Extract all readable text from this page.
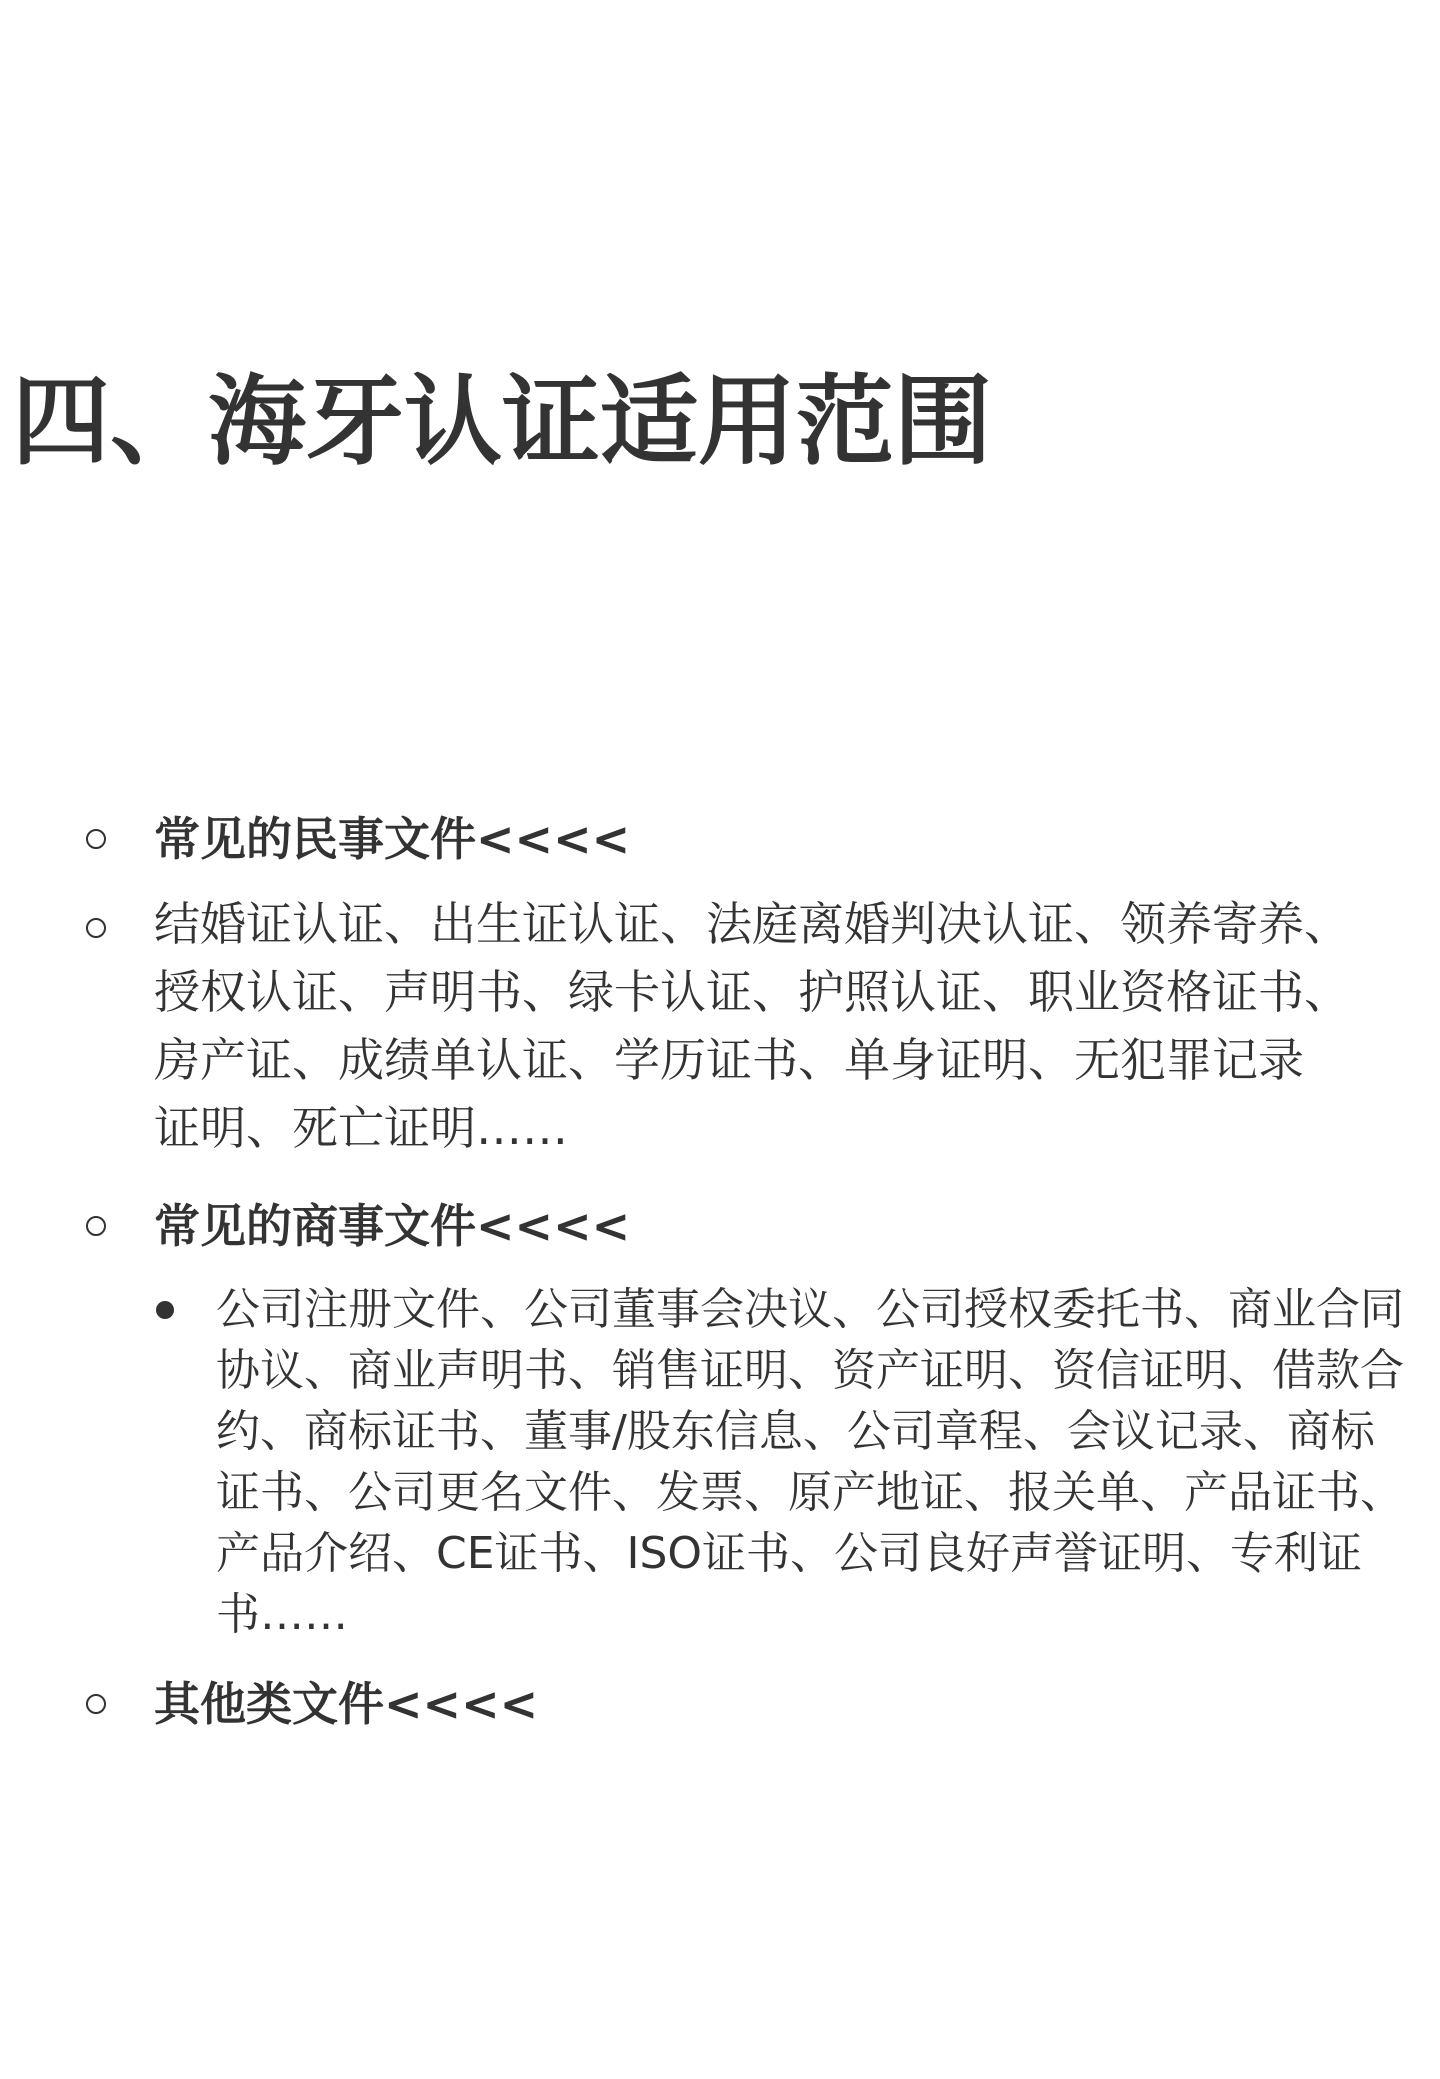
四、海牙认证适用范围
常见的民事文件<<<<
结婚证认证、出生证认证、法庭离婚判决认证、领养寄养、
授权认证、声明书、绿卡认证、护照认证、职业资格证书、
房产证、成绩单认证、学历证书、单身证明、无犯罪记录
证明、死亡证明……
常见的商事文件<<<<
公司注册文件、公司董事会决议、公司授权委托书、商业合同
协议、商业声明书、销售证明、资产证明、资信证明、借款合
约、商标证书、董事/股东信息、公司章程、会议记录、商标
证书、公司更名文件、发票、原产地证、报关单、产品证书、
产品介绍、CE证书、ISO证书、公司良好声誉证明、专利证
书……
其他类文件<<<<
